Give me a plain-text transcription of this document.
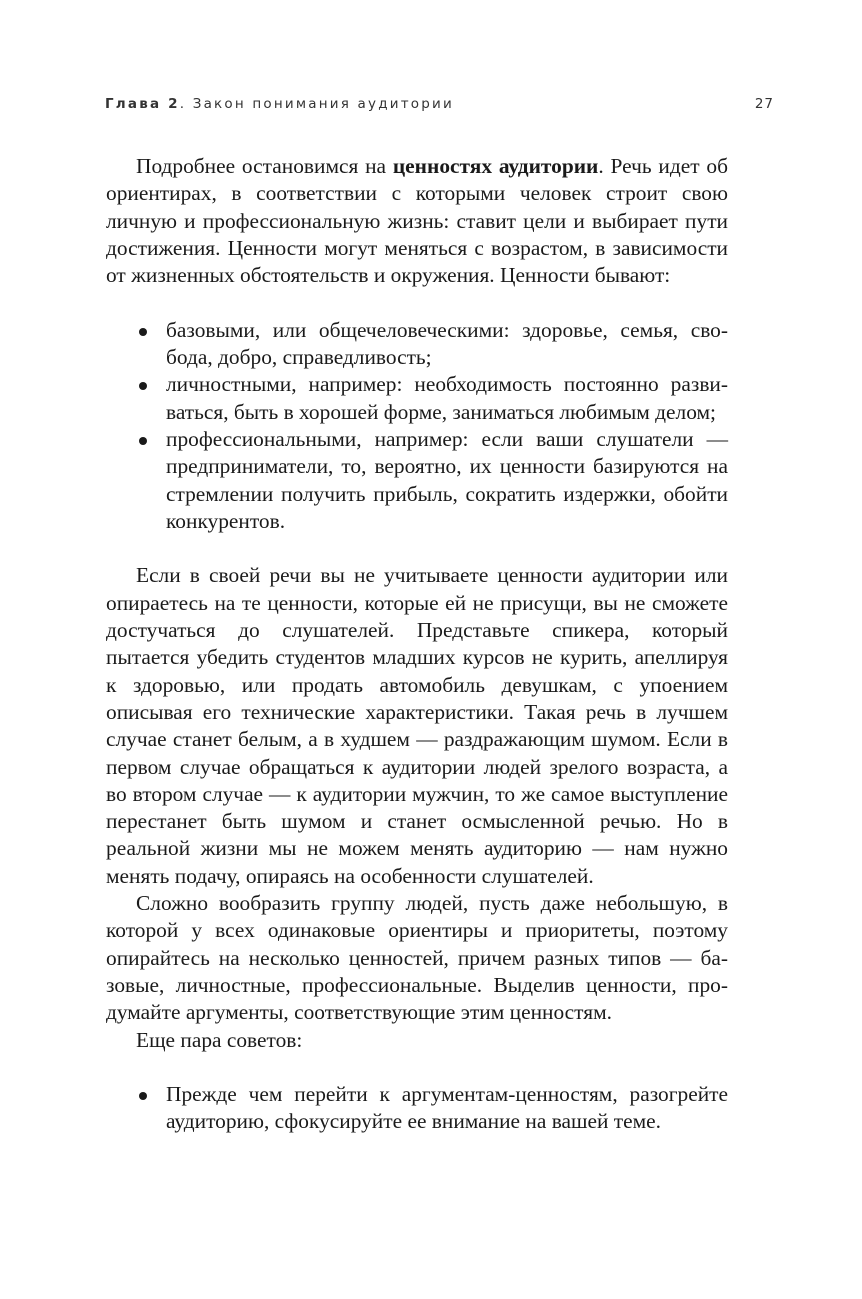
Глава 2. Закон понимания аудитории	27

Подробнее остановимся на ценностях аудитории. Речь идет об ориентирах, в соответствии с которыми человек строит свою личную и профессиональную жизнь: ставит цели и выбирает пути достижения. Ценности могут меняться с возрастом, в зависимости от жизненных обстоятельств и окружения. Ценности бывают:

базовыми, или общечеловеческими: здоровье, семья, свобода, добро, справедливость;
личностными, например: необходимость постоянно развиваться, быть в хорошей форме, заниматься любимым делом;
профессиональными, например: если ваши слушатели — предприниматели, то, вероятно, их ценности базируются на стремлении получить прибыль, сократить издержки, обойти конкурентов.

Если в своей речи вы не учитываете ценности аудитории или опираетесь на те ценности, которые ей не присущи, вы не сможете достучаться до слушателей. Представьте спикера, который пытается убедить студентов младших курсов не курить, апеллируя к здоровью, или продать автомобиль девушкам, с упоением описывая его технические характеристики. Такая речь в лучшем случае станет белым, а в худшем — раздражающим шумом. Если в первом случае обращаться к аудитории людей зрелого возраста, а во втором случае — к аудитории мужчин, то же самое выступление перестанет быть шумом и станет осмысленной речью. Но в реальной жизни мы не можем менять аудиторию — нам нужно менять подачу, опираясь на особенности слушателей.

Сложно вообразить группу людей, пусть даже небольшую, в которой у всех одинаковые ориентиры и приоритеты, поэтому опирайтесь на несколько ценностей, причем разных типов — базовые, личностные, профессиональные. Выделив ценности, продумайте аргументы, соответствующие этим ценностям.

Еще пара советов:

Прежде чем перейти к аргументам-ценностям, разогрейте аудиторию, сфокусируйте ее внимание на вашей теме.
